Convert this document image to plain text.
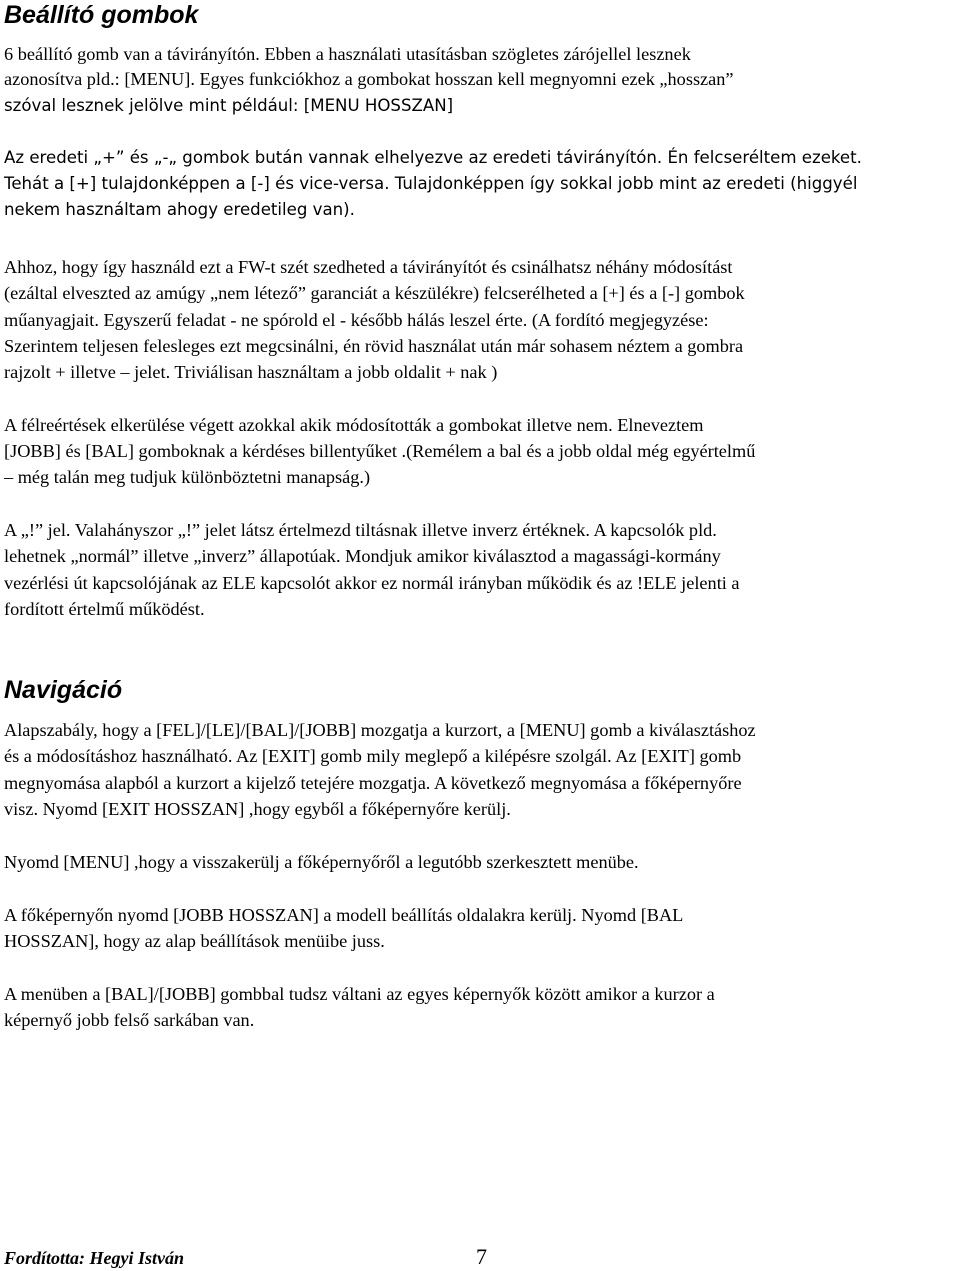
Beállító gombok

6 beállító gomb van a távirányítón. Ebben a használati utasításban szögletes zárójellel lesznek

azonosítva pld.: [MENU]. Egyes funkciókhoz a gombokat hosszan kell megnyomni ezek „hosszan”

szóval lesznek jelölve mint például: [MENU HOSSZAN]

Az eredeti „+” és „-„ gombok bután vannak elhelyezve az eredeti távirányítón. Én felcseréltem ezeket.

Tehát a [+] tulajdonképpen a [-] és vice-versa. Tulajdonképpen így sokkal jobb mint az eredeti (higgyél

nekem használtam ahogy eredetileg van).

Ahhoz, hogy így használd ezt a FW-t szét szedheted a távirányítót és csinálhatsz néhány módosítást

(ezáltal elveszted az amúgy „nem létező” garanciát a készülékre) felcserélheted a [+] és a [-] gombok

műanyagjait. Egyszerű feladat - ne spórold el - később hálás leszel érte. (A fordító megjegyzése:

Szerintem teljesen felesleges ezt megcsinálni, én rövid használat után már sohasem néztem a gombra

rajzolt + illetve – jelet. Triviálisan használtam a jobb oldalit + nak )

A félreértések elkerülése végett azokkal akik módosították a gombokat illetve nem. Elneveztem

[JOBB] és [BAL] gomboknak a kérdéses billentyűket .(Remélem a bal és a jobb oldal még egyértelmű

– még talán meg tudjuk különböztetni manapság.)

A „!” jel. Valahányszor „!” jelet látsz értelmezd tiltásnak illetve inverz értéknek. A kapcsolók pld.

lehetnek „normál” illetve „inverz” állapotúak. Mondjuk amikor kiválasztod a magassági-kormány

vezérlési út kapcsolójának az ELE kapcsolót akkor ez normál irányban működik és az !ELE jelenti a

fordított értelmű működést.

Navigáció

Alapszabály, hogy a [FEL]/[LE]/[BAL]/[JOBB] mozgatja a kurzort, a [MENU] gomb a kiválasztáshoz

és a módosításhoz használható. Az [EXIT] gomb mily meglepő a kilépésre szolgál. Az [EXIT] gomb

megnyomása alapból a kurzort a kijelző tetejére mozgatja. A következő megnyomása a főképernyőre

visz. Nyomd [EXIT HOSSZAN] ,hogy egyből a főképernyőre kerülj.

Nyomd [MENU] ,hogy a visszakerülj a főképernyőről a legutóbb szerkesztett menübe.

A főképernyőn nyomd [JOBB HOSSZAN] a modell beállítás oldalakra kerülj. Nyomd [BAL

HOSSZAN], hogy az alap beállítások menüibe juss.

A menüben a [BAL]/[JOBB] gombbal tudsz váltani az egyes képernyők között amikor a kurzor a

képernyő jobb felső sarkában van.

Fordította: Hegyi István	7
